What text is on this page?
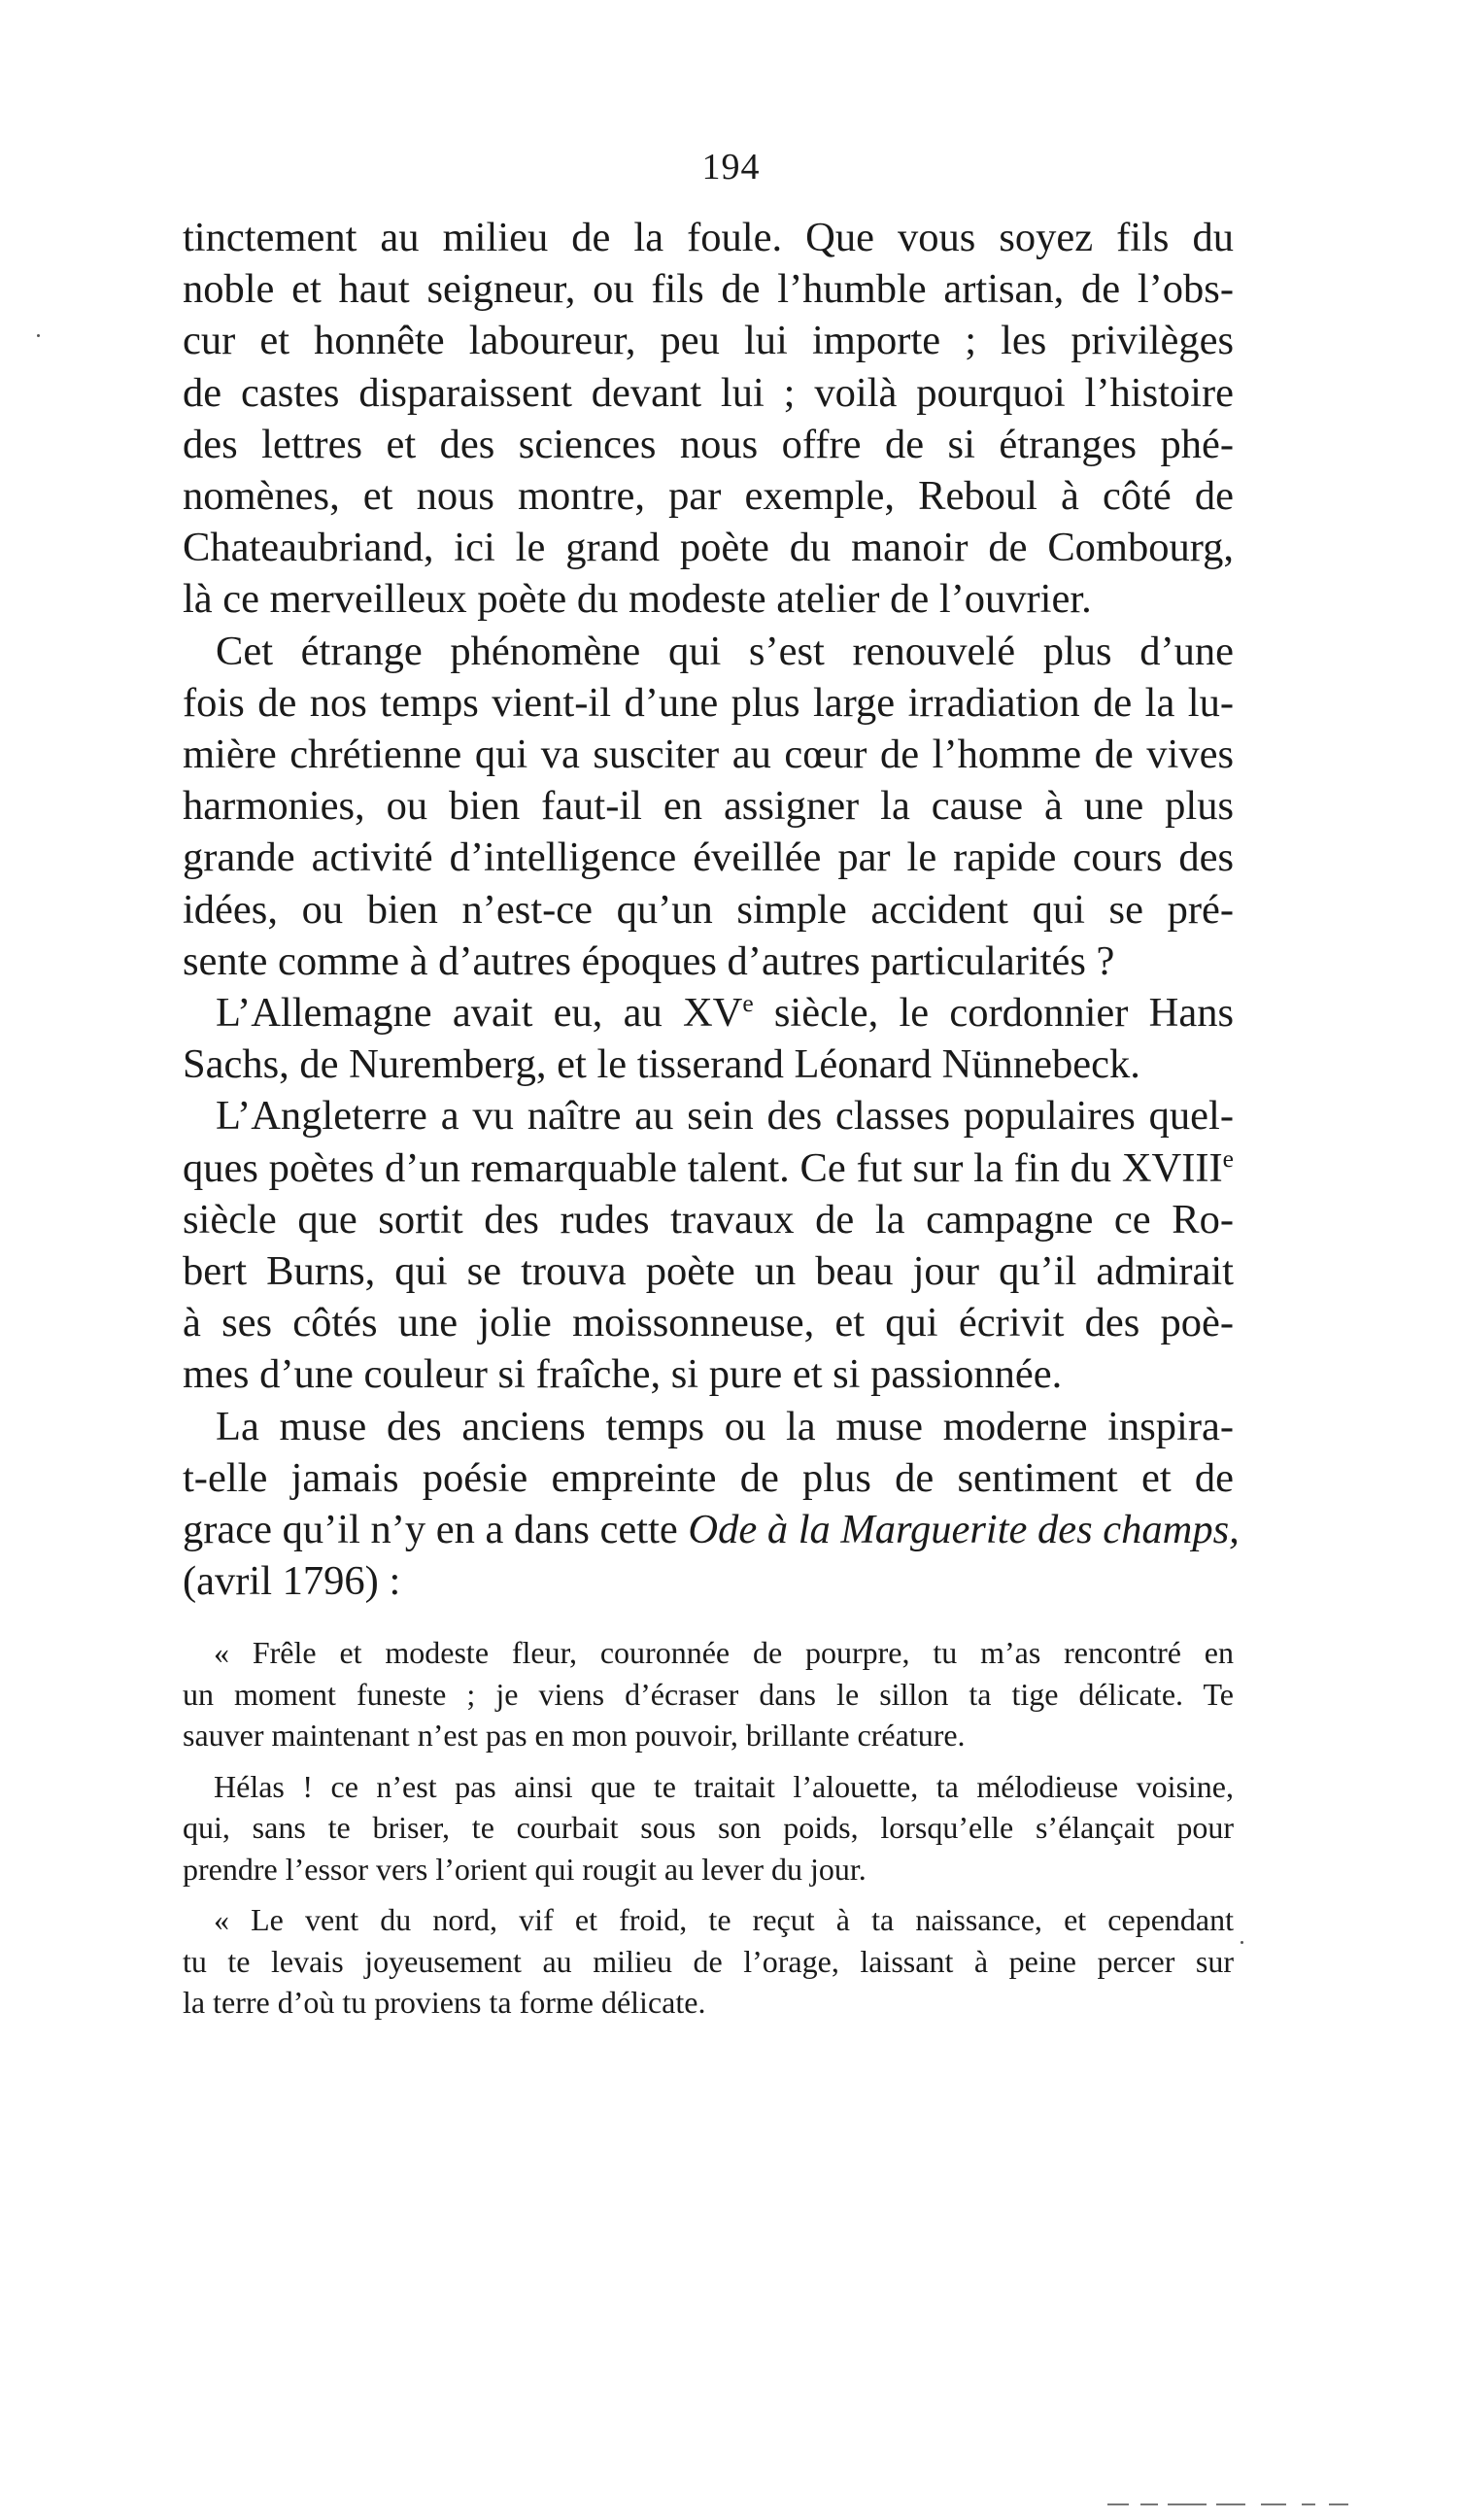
194

tinctement au milieu de la foule. Que vous soyez fils du
noble et haut seigneur, ou fils de l’humble artisan, de l’obs-
cur et honnête laboureur, peu lui importe ; les privilèges
de castes disparaissent devant lui ; voilà pourquoi l’histoire
des lettres et des sciences nous offre de si étranges phé-
nomènes, et nous montre, par exemple, Reboul à côté de
Chateaubriand, ici le grand poète du manoir de Combourg,
là ce merveilleux poète du modeste atelier de l’ouvrier.

Cet étrange phénomène qui s’est renouvelé plus d’une
fois de nos temps vient-il d’une plus large irradiation de la lu-
mière chrétienne qui va susciter au cœur de l’homme de vives
harmonies, ou bien faut-il en assigner la cause à une plus
grande activité d’intelligence éveillée par le rapide cours des
idées, ou bien n’est-ce qu’un simple accident qui se pré-
sente comme à d’autres époques d’autres particularités ?

L’Allemagne avait eu, au XVe siècle, le cordonnier Hans
Sachs, de Nuremberg, et le tisserand Léonard Nünnebeck.

L’Angleterre a vu naître au sein des classes populaires quel-
ques poètes d’un remarquable talent. Ce fut sur la fin du XVIIIe
siècle que sortit des rudes travaux de la campagne ce Ro-
bert Burns, qui se trouva poète un beau jour qu’il admirait
à ses côtés une jolie moissonneuse, et qui écrivit des poè-
mes d’une couleur si fraîche, si pure et si passionnée.

La muse des anciens temps ou la muse moderne inspira-
t-elle jamais poésie empreinte de plus de sentiment et de
grace qu’il n’y en a dans cette Ode à la Marguerite des champs,
(avril 1796) :

« Frêle et modeste fleur, couronnée de pourpre, tu m’as rencontré en
un moment funeste ; je viens d’écraser dans le sillon ta tige délicate. Te
sauver maintenant n’est pas en mon pouvoir, brillante créature.

Hélas ! ce n’est pas ainsi que te traitait l’alouette, ta mélodieuse voisine,
qui, sans te briser, te courbait sous son poids, lorsqu’elle s’élançait pour
prendre l’essor vers l’orient qui rougit au lever du jour.

« Le vent du nord, vif et froid, te reçut à ta naissance, et cependant
tu te levais joyeusement au milieu de l’orage, laissant à peine percer sur
la terre d’où tu proviens ta forme délicate.
